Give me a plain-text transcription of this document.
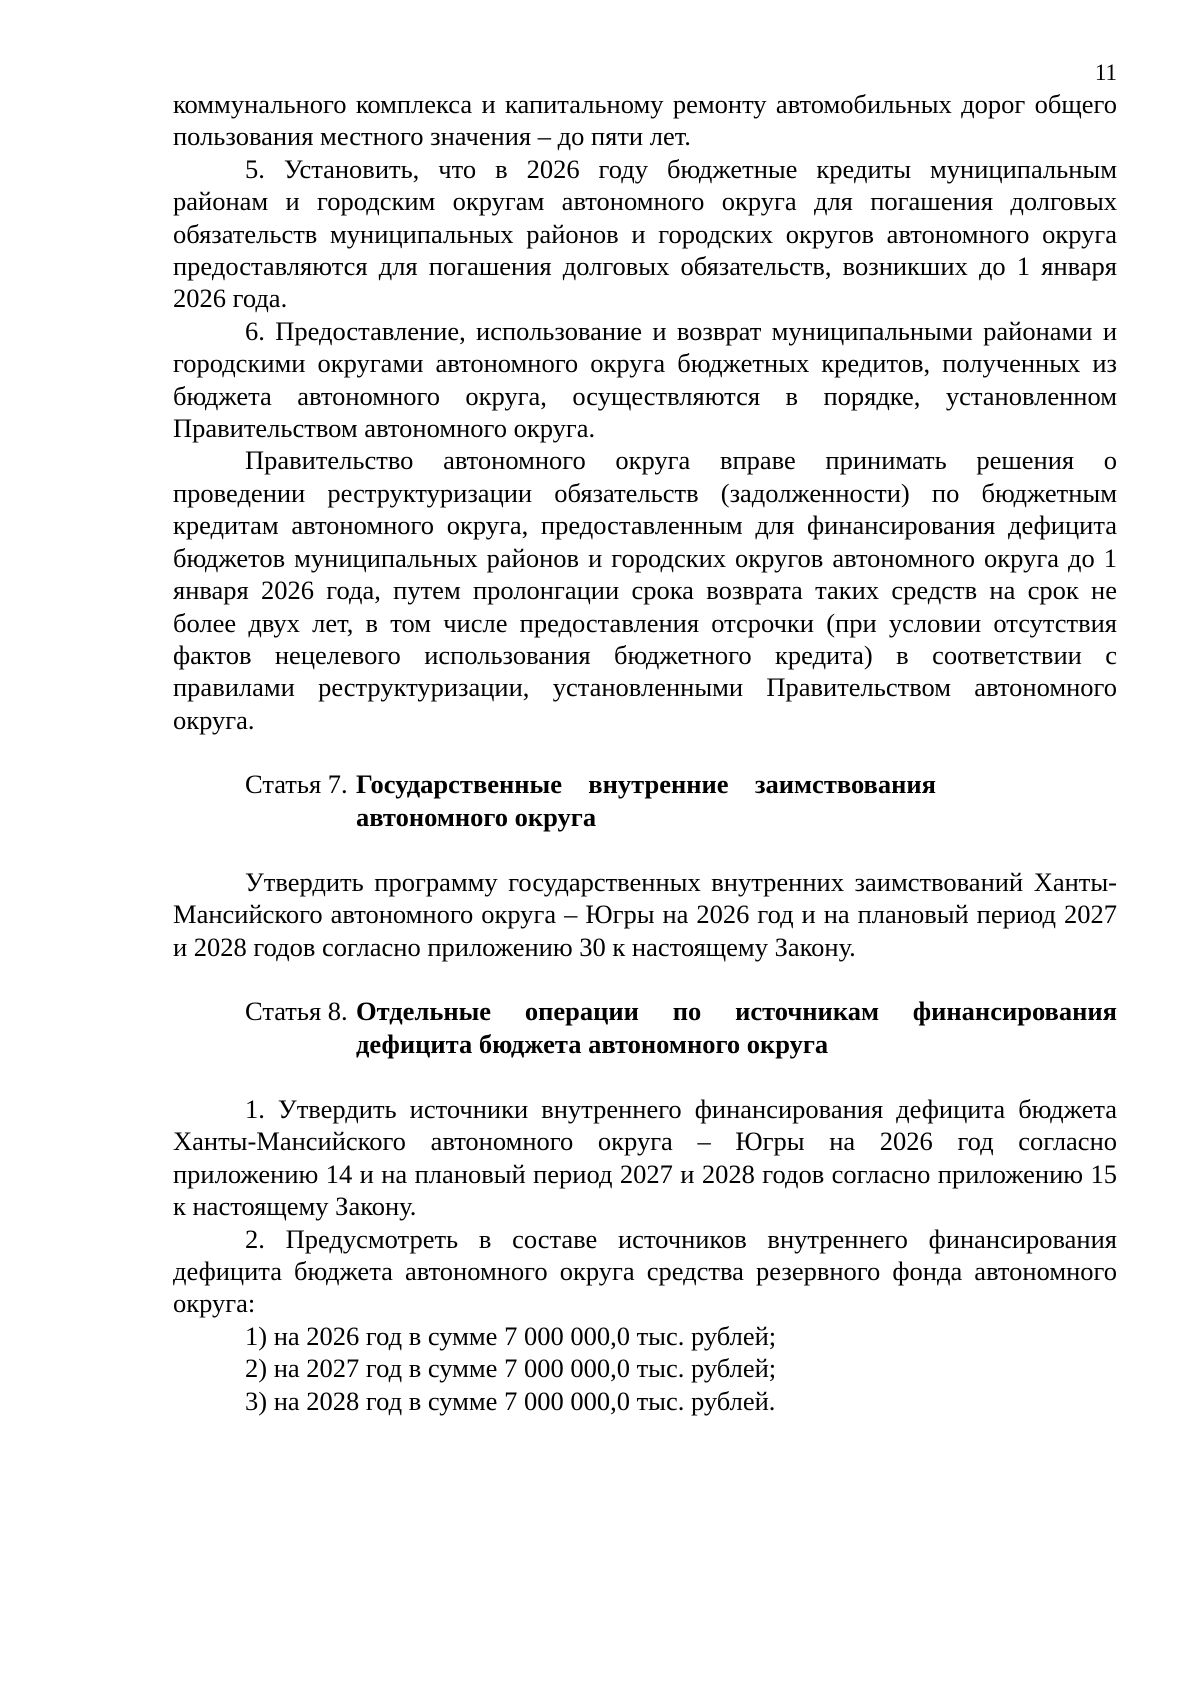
11

коммунального комплекса и капитальному ремонту автомобильных дорог общего пользования местного значения – до пяти лет.

5. Установить, что в 2026 году бюджетные кредиты муниципальным районам и городским округам автономного округа для погашения долговых обязательств муниципальных районов и городских округов автономного округа предоставляются для погашения долговых обязательств, возникших до 1 января 2026 года.

6. Предоставление, использование и возврат муниципальными районами и городскими округами автономного округа бюджетных кредитов, полученных из бюджета автономного округа, осуществляются в порядке, установленном Правительством автономного округа.

Правительство автономного округа вправе принимать решения о проведении реструктуризации обязательств (задолженности) по бюджетным кредитам автономного округа, предоставленным для финансирования дефицита бюджетов муниципальных районов и городских округов автономного округа до 1 января 2026 года, путем пролонгации срока возврата таких средств на срок не более двух лет, в том числе предоставления отсрочки (при условии отсутствия фактов нецелевого использования бюджетного кредита) в соответствии с правилами реструктуризации, установленными Правительством автономного округа.

Статья 7. Государственные внутренние заимствования
автономного округа

Утвердить программу государственных внутренних заимствований Ханты-Мансийского автономного округа – Югры на 2026 год и на плановый период 2027 и 2028 годов согласно приложению 30 к настоящему Закону.

Статья 8. Отдельные операции по источникам финансирования
дефицита бюджета автономного округа

1. Утвердить источники внутреннего финансирования дефицита бюджета Ханты-Мансийского автономного округа – Югры на 2026 год согласно приложению 14 и на плановый период 2027 и 2028 годов согласно приложению 15 к настоящему Закону.

2. Предусмотреть в составе источников внутреннего финансирования дефицита бюджета автономного округа средства резервного фонда автономного округа:

1) на 2026 год в сумме 7 000 000,0 тыс. рублей;

2) на 2027 год в сумме 7 000 000,0 тыс. рублей;

3) на 2028 год в сумме 7 000 000,0 тыс. рублей.
